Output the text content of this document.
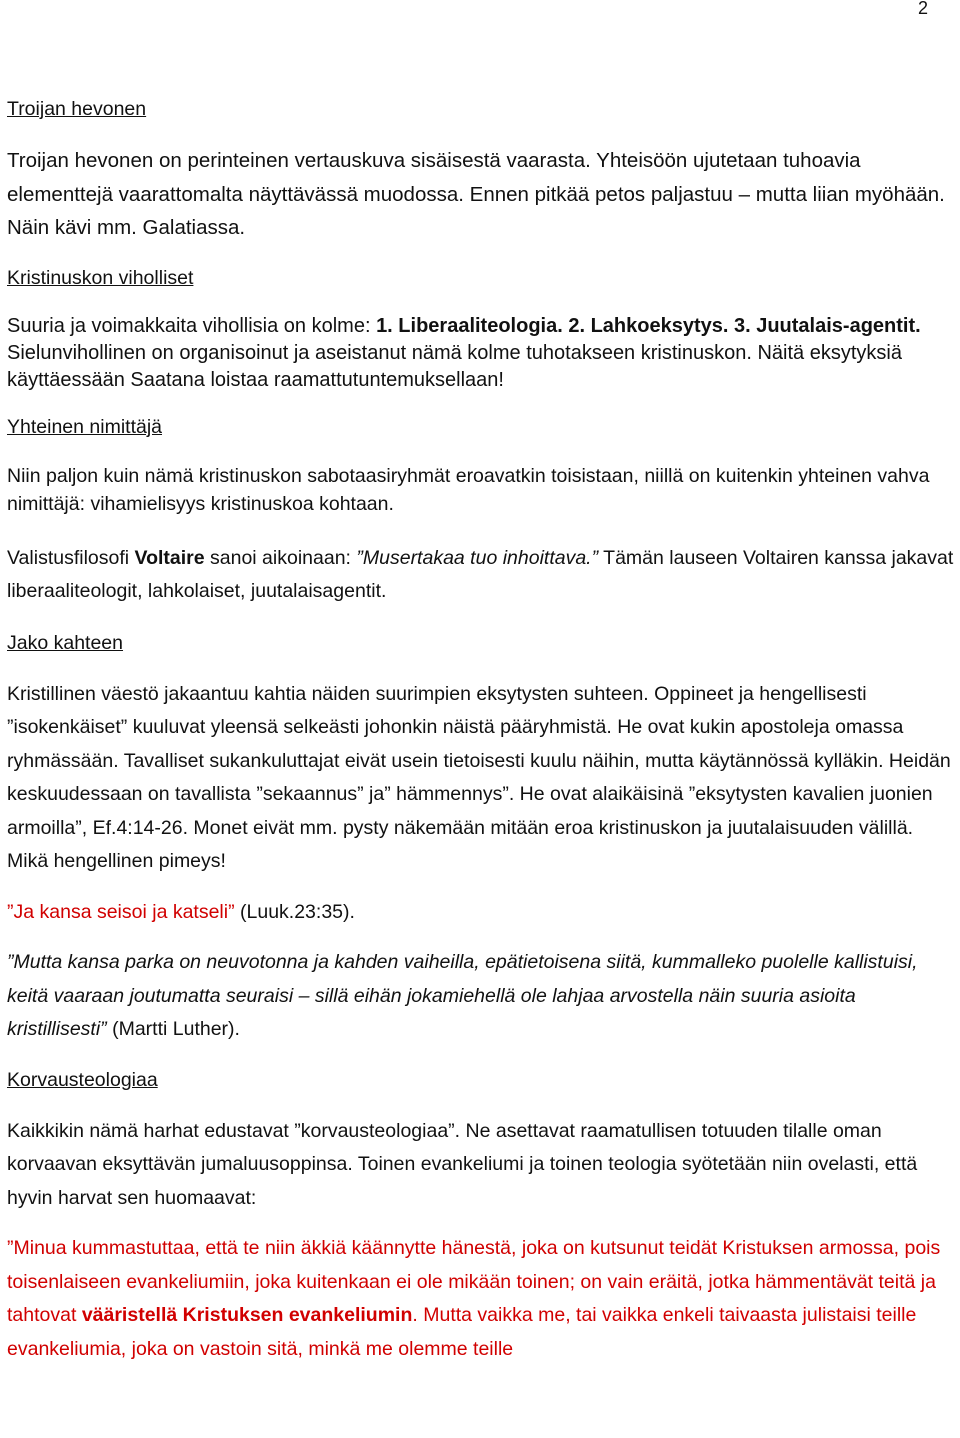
2
Troijan hevonen
Troijan hevonen on perinteinen vertauskuva sisäisestä vaarasta. Yhteisöön ujutetaan tuhoavia elementtejä vaarattomalta näyttävässä muodossa. Ennen pitkää petos paljastuu – mutta liian myöhään. Näin kävi mm. Galatiassa.
Kristinuskon viholliset
Suuria ja voimakkaita vihollisia on kolme: 1. Liberaaliteologia. 2. Lahkoeksytys. 3. Juutalais-agentit. Sielunvihollinen on organisoinut ja aseistanut nämä kolme tuhotakseen kristinuskon. Näitä eksytyksiä käyttäessään Saatana loistaa raamattutuntemuksellaan!
Yhteinen nimittäjä
Niin paljon kuin nämä kristinuskon sabotaasiryhmät eroavatkin toisistaan, niillä on kuitenkin yhteinen vahva nimittäjä: vihamielisyys kristinuskoa kohtaan.
Valistusfilosofi Voltaire sanoi aikoinaan: ”Musertakaa tuo inhoittava.” Tämän lauseen Voltairen kanssa jakavat liberaaliteologit, lahkolaiset, juutalaisagentit.
Jako kahteen
Kristillinen väestö jakaantuu kahtia näiden suurimpien eksytysten suhteen. Oppineet ja hengellisesti ”isokenkäiset” kuuluvat yleensä selkeästi johonkin näistä pääryhmistä. He ovat kukin apostoleja omassa ryhmässään. Tavalliset sukankuluttajat eivät usein tietoisesti kuulu näihin, mutta käytännössä kylläkin. Heidän keskuudessaan on tavallista ”sekaannus” ja” hämmennys”. He ovat alaikäisinä ”eksytysten kavalien juonien armoilla”, Ef.4:14-26. Monet eivät mm. pysty näkemään mitään eroa kristinuskon ja juutalaisuuden välillä. Mikä hengellinen pimeys!
”Ja kansa seisoi ja katseli” (Luuk.23:35).
”Mutta kansa parka on neuvotonna ja kahden vaiheilla, epätietoisena siitä, kummalleko puolelle kallistuisi, keitä vaaraan joutumatta seuraisi – sillä eihän jokamiehellä ole lahjaa arvostella näin suuria asioita kristillisesti” (Martti Luther).
Korvausteologiaa
Kaikkikin nämä harhat edustavat ”korvausteologiaa”. Ne asettavat raamatullisen totuuden tilalle oman korvaavan eksyttävän jumaluusoppinsa. Toinen evankeliumi ja toinen teologia syötetään niin ovelasti, että hyvin harvat sen huomaavat:
”Minua kummastuttaa, että te niin äkkiä käännytte hänestä, joka on kutsunut teidät Kristuksen armossa, pois toisenlaiseen evankeliumiin, joka kuitenkaan ei ole mikään toinen; on vain eräitä, jotka hämmentävät teitä ja tahtovat vääristellä Kristuksen evankeliumin. Mutta vaikka me, tai vaikka enkeli taivaasta julistaisi teille evankeliumia, joka on vastoin sitä, minkä me olemme teille
